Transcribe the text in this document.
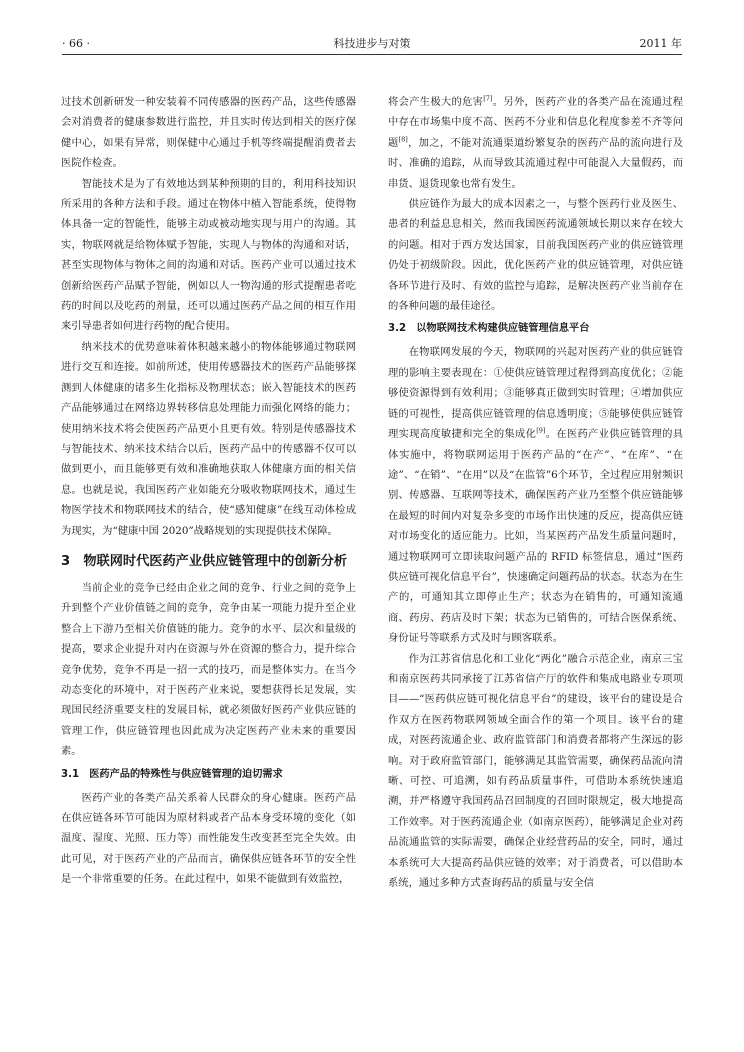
· 66 ·	科技进步与对策	2011 年

过技术创新研发一种安装着不同传感器的医药产品，这些传感器会对消费者的健康参数进行监控，并且实时传达到相关的医疗保健中心，如果有异常，则保健中心通过手机等终端提醒消费者去医院作检查。

智能技术是为了有效地达到某种预期的目的，利用科技知识所采用的各种方法和手段。通过在物体中植入智能系统，使得物体具备一定的智能性，能够主动或被动地实现与用户的沟通。其实，物联网就是给物体赋予智能，实现人与物体的沟通和对话，甚至实现物体与物体之间的沟通和对话。医药产业可以通过技术创新给医药产品赋予智能，例如以人一物沟通的形式提醒患者吃药的时间以及吃药的剂量，还可以通过医药产品之间的相互作用来引导患者如何进行药物的配合使用。

纳米技术的优势意味着体积越来越小的物体能够通过物联网进行交互和连接。如前所述，使用传感器技术的医药产品能够探测到人体健康的诸多生化指标及物理状态；嵌入智能技术的医药产品能够通过在网络边界转移信息处理能力而强化网络的能力；使用纳米技术将会使医药产品更小且更有效。特别是传感器技术与智能技术、纳米技术结合以后，医药产品中的传感器不仅可以做到更小，而且能够更有效和准确地获取人体健康方面的相关信息。也就是说，我国医药产业如能充分吸收物联网技术，通过生物医学技术和物联网技术的结合，使“感知健康”在线互动体检成为现实，为“健康中国 2020”战略规划的实现提供技术保障。

3　物联网时代医药产业供应链管理中的创新分析

当前企业的竞争已经由企业之间的竞争、行业之间的竞争上升到整个产业价值链之间的竞争，竞争由某一项能力提升至企业整合上下游乃至相关价值链的能力。竞争的水平、层次和量级的提高，要求企业提升对内在资源与外在资源的整合力，提升综合竞争优势，竞争不再是一招一式的技巧，而是整体实力。在当今动态变化的环境中，对于医药产业来说，要想获得长足发展，实现国民经济重要支柱的发展目标，就必须做好医药产业供应链的管理工作，供应链管理也因此成为决定医药产业未来的重要因素。

3.1　医药产品的特殊性与供应链管理的迫切需求

医药产业的各类产品关系着人民群众的身心健康。医药产品在供应链各环节可能因为原材料或者产品本身受环境的变化（如温度、湿度、光照、压力等）而性能发生改变甚至完全失效。由此可见，对于医药产业的产品而言，确保供应链各环节的安全性是一个非常重要的任务。在此过程中，如果不能做到有效监控，

将会产生极大的危害[7]。另外，医药产业的各类产品在流通过程中存在市场集中度不高、医药不分业和信息化程度参差不齐等问题[8]，加之，不能对流通渠道纷繁复杂的医药产品的流向进行及时、准确的追踪，从而导致其流通过程中可能混入大量假药，而串货、退货现象也常有发生。

供应链作为最大的成本因素之一，与整个医药行业及医生、患者的利益息息相关，然而我国医药流通领域长期以来存在较大的问题。相对于西方发达国家，目前我国医药产业的供应链管理仍处于初级阶段。因此，优化医药产业的供应链管理，对供应链各环节进行及时、有效的监控与追踪，是解决医药产业当前存在的各种问题的最佳途径。

3.2　以物联网技术构建供应链管理信息平台

在物联网发展的今天，物联网的兴起对医药产业的供应链管理的影响主要表现在：①使供应链管理过程得到高度优化；②能够使资源得到有效利用；③能够真正做到实时管理；④增加供应链的可视性，提高供应链管理的信息透明度；⑤能够使供应链管理实现高度敏捷和完全的集成化[9]。在医药产业供应链管理的具体实施中，将物联网运用于医药产品的“在产”、“在库”、“在途”、“在销”、“在用”以及“在监管”6个环节，全过程应用射频识别、传感器、互联网等技术，确保医药产业乃至整个供应链能够在最短的时间内对复杂多变的市场作出快速的反应，提高供应链对市场变化的适应能力。比如，当某医药产品发生质量问题时，通过物联网可立即读取问题产品的 RFID 标签信息，通过“医药供应链可视化信息平台”，快速确定问题药品的状态。状态为在生产的，可通知其立即停止生产；状态为在销售的，可通知流通商、药房、药店及时下架；状态为已销售的，可结合医保系统、身份证号等联系方式及时与顾客联系。

作为江苏省信息化和工业化“两化”融合示范企业，南京三宝和南京医药共同承接了江苏省信产厅的软件和集成电路业专项项目——“医药供应链可视化信息平台”的建设，该平台的建设是合作双方在医药物联网领域全面合作的第一个项目。该平台的建成，对医药流通企业、政府监管部门和消费者都将产生深远的影响。对于政府监管部门，能够满足其监管需要，确保药品流向清晰、可控、可追溯，如有药品质量事件，可借助本系统快速追溯，并严格遵守我国药品召回制度的召回时限规定，极大地提高工作效率。对于医药流通企业（如南京医药），能够满足企业对药品流通监管的实际需要，确保企业经营药品的安全，同时，通过本系统可大大提高药品供应链的效率；对于消费者，可以借助本系统，通过多种方式查询药品的质量与安全信
